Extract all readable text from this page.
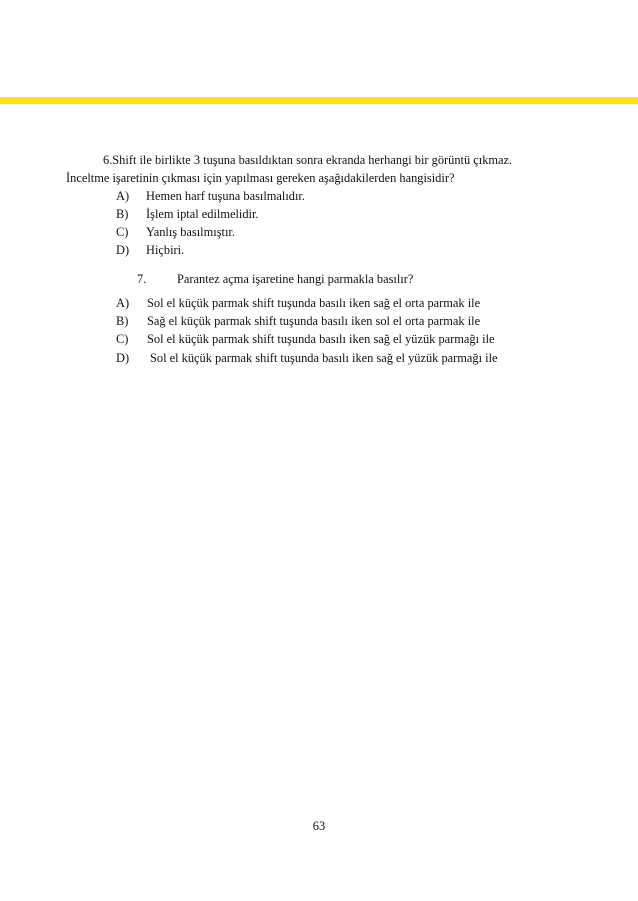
6.Shift ile birlikte 3 tuşuna basıldıktan sonra ekranda herhangi bir görüntü çıkmaz.
İnceltme işaretinin çıkması için yapılması gereken aşağıdakilerden hangisidir?
A) Hemen harf tuşuna basılmalıdır.
B) İşlem iptal edilmelidir.
C) Yanlış basılmıştır.
D) Hiçbiri.
7. Parantez açma işaretine hangi parmakla basılır?
A) Sol el küçük parmak shift tuşunda basılı iken sağ el orta parmak ile
B) Sağ el küçük parmak shift tuşunda basılı iken sol el orta parmak ile
C) Sol el küçük parmak shift tuşunda basılı iken sağ el yüzük parmağı ile
D) Sol el küçük parmak shift tuşunda basılı iken sağ el yüzük parmağı ile
63
